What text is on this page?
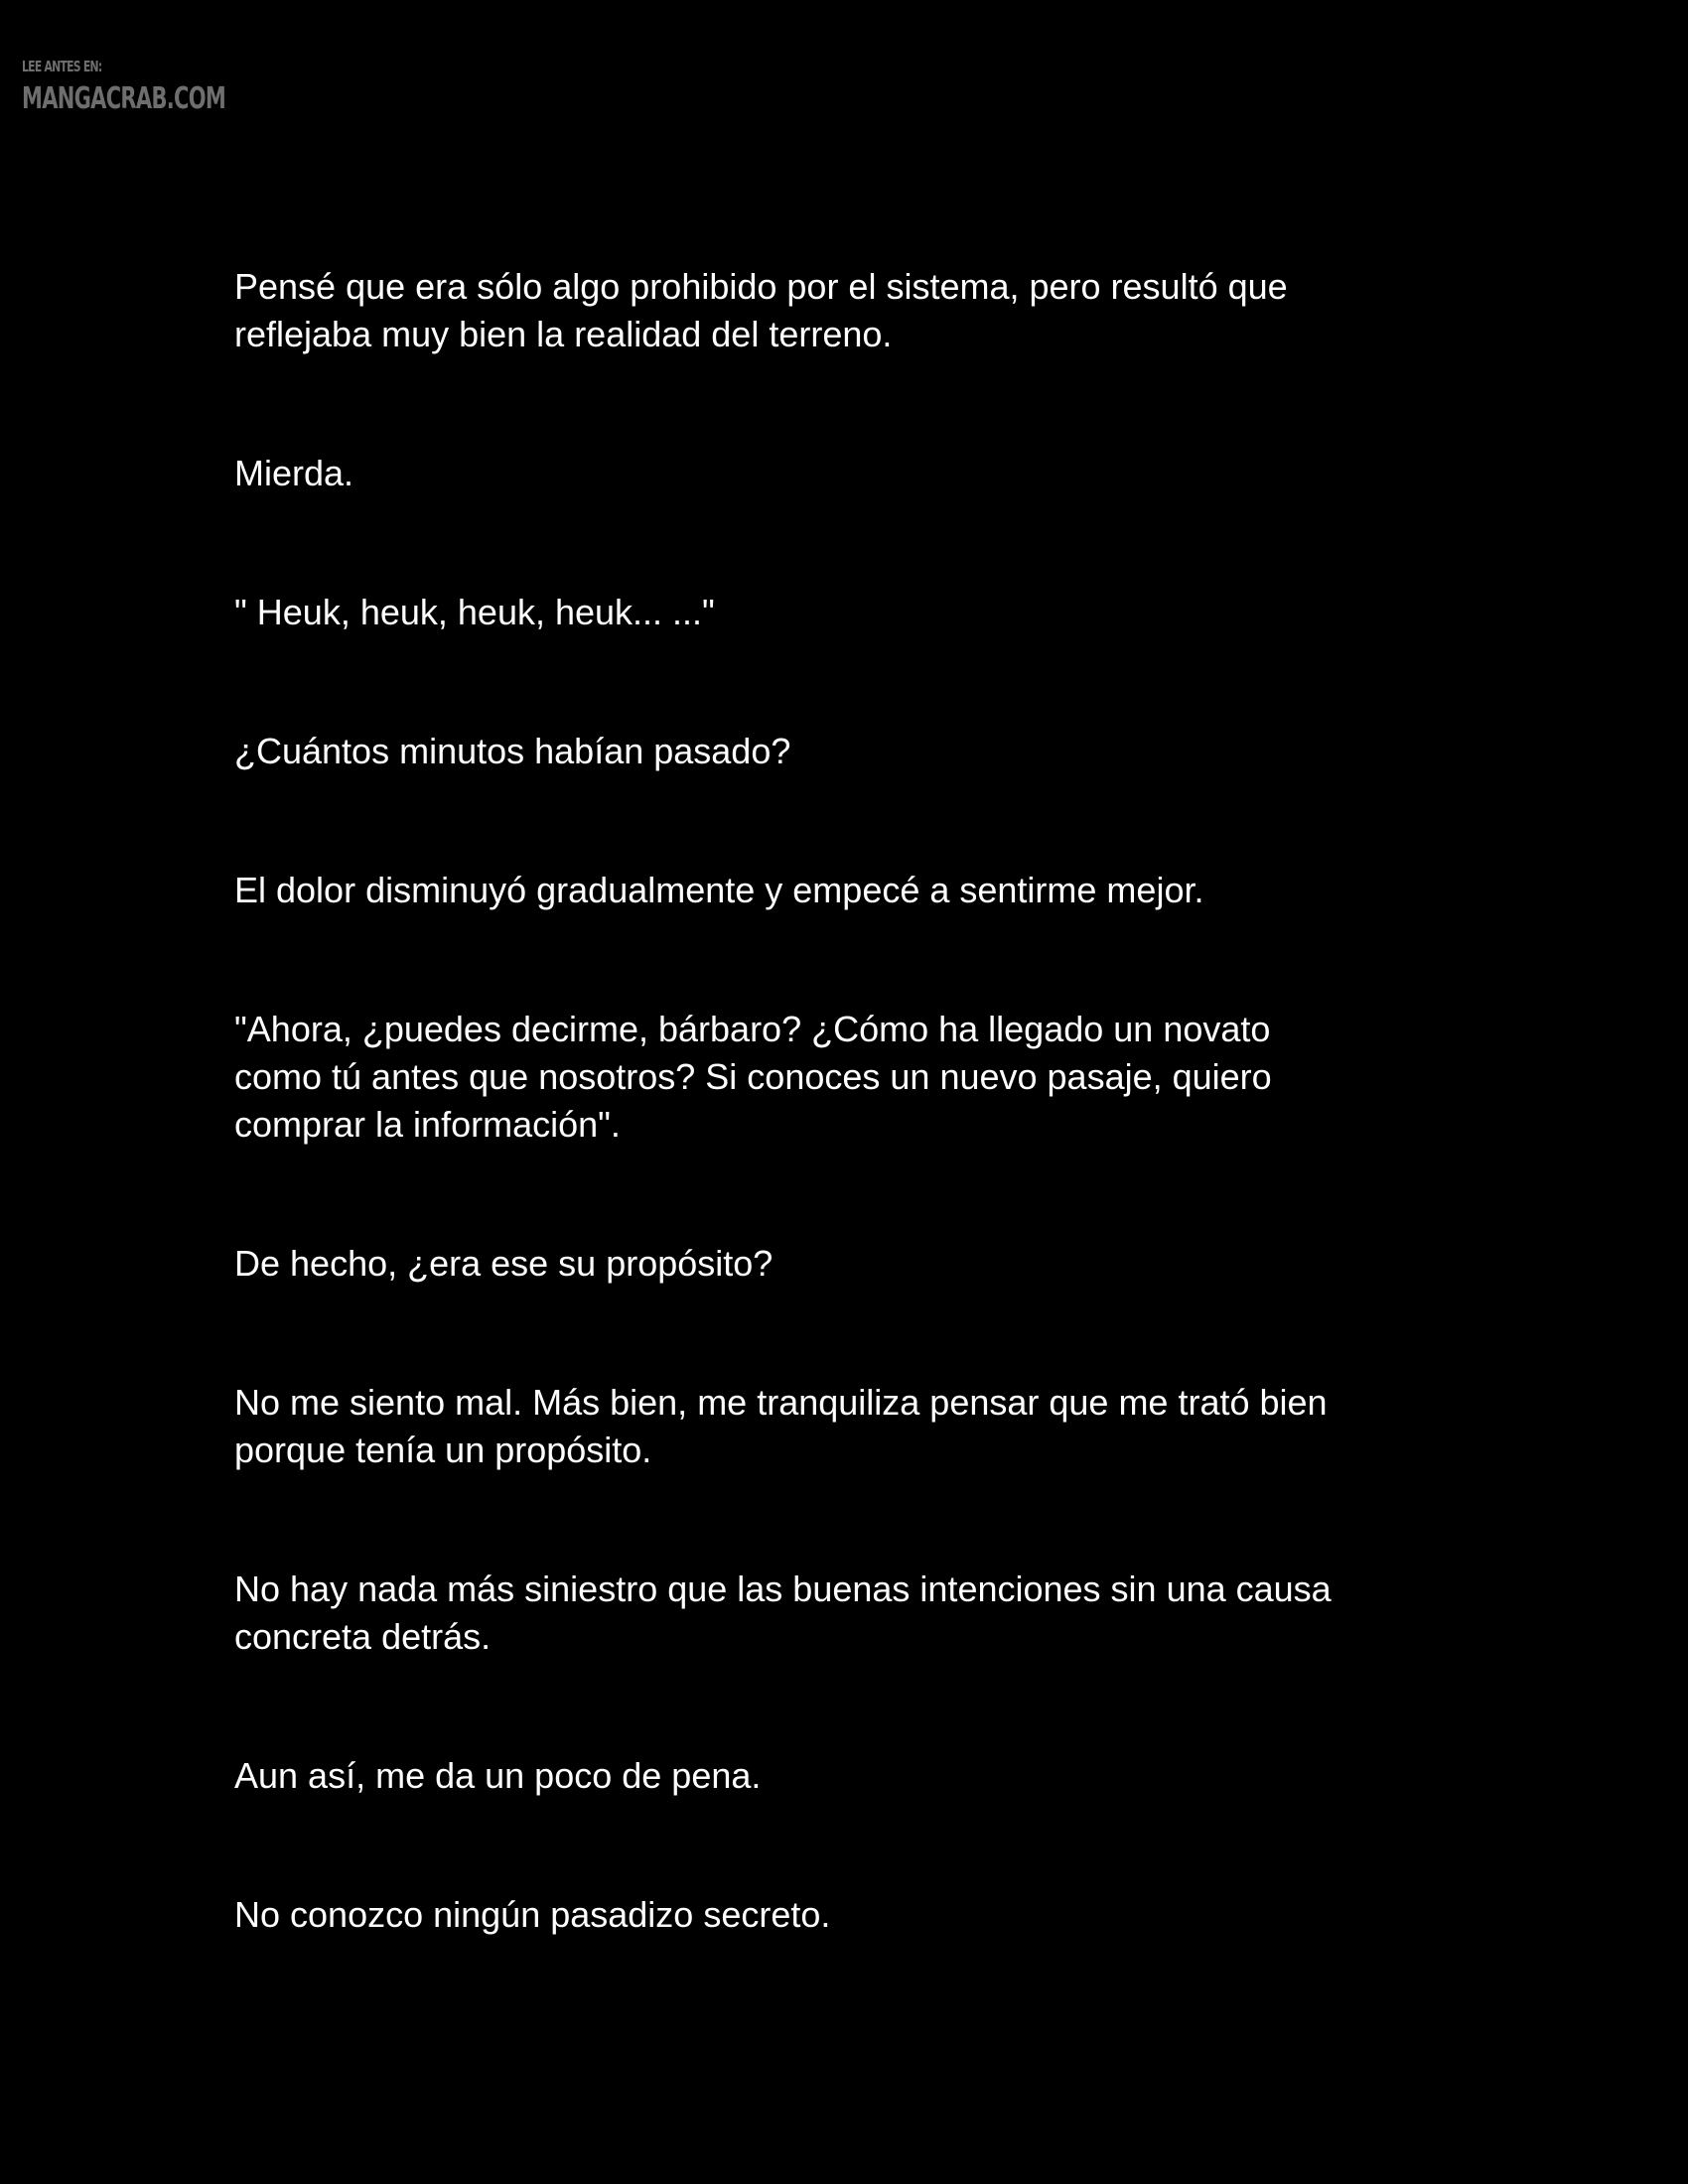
LEE ANTES EN:
MANGACRAB.COM

Pensé que era sólo algo prohibido por el sistema, pero resultó que
reflejaba muy bien la realidad del terreno.

Mierda.

" Heuk, heuk, heuk, heuk... ..."

¿Cuántos minutos habían pasado?

El dolor disminuyó gradualmente y empecé a sentirme mejor.

"Ahora, ¿puedes decirme, bárbaro? ¿Cómo ha llegado un novato
como tú antes que nosotros? Si conoces un nuevo pasaje, quiero
comprar la información".

De hecho, ¿era ese su propósito?

No me siento mal. Más bien, me tranquiliza pensar que me trató bien
porque tenía un propósito.

No hay nada más siniestro que las buenas intenciones sin una causa
concreta detrás.

Aun así, me da un poco de pena.

No conozco ningún pasadizo secreto.
